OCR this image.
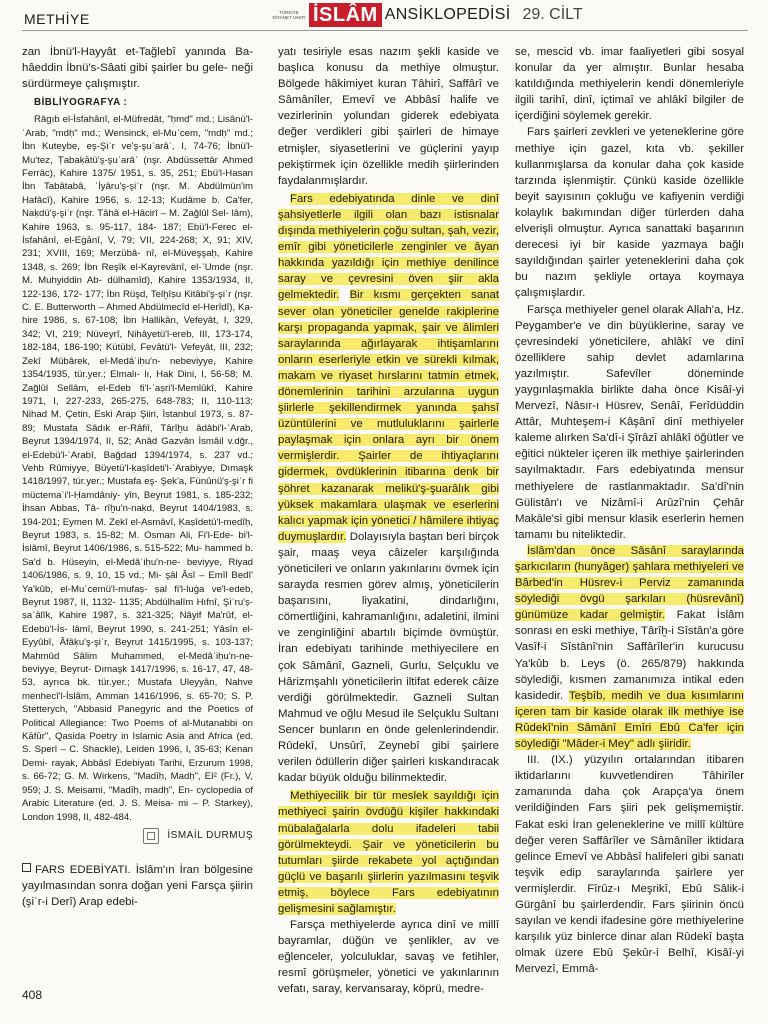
METHİYE	TÜRKİYE DİYANET VAKFI İSLÂM ANSİKLOPEDİSİ 29. CİLT

zan İbnü'l-Hayyât et-Tağlebî yanında Ba- hâeddin İbnü's-Sâati gibi şairler bu gele- neği sürdürmeye çalışmıştır.

BİBLİYOGRAFYA :

Râgıb el-İsfahânî, el-Müfredât, "ḥmd" md.; Lisânü'l-ʿArab, "mdḥ" md.; Wensinck, el-Muʿcem, "mdḥ" md.; İbn Kuteybe, eş-Şiʿr ve'ş-şuʿarâʾ, I, 74-76; İbnü'l-Mu'tez, Ṭabaḳātü'ş-şuʿarâʾ (nşr. Abdüssettâr Ahmed Ferrâc), Kahire 1375/ 1951, s. 35, 251; Ebü'l-Hasan İbn Tabâtabâ, ʿİyâru'ş-şiʿr (nşr. M. Abdülmün'im Hafâcî), Kahire 1956, s. 12-13; Kudâme b. Ca'fer, Naḳdü'ş-şiʿr (nşr. Tâhâ el-Hâcirî – M. Zağlûl Sel- lâm), Kahire 1963, s. 95-117, 184- 187; Ebü'l-Ferec el-İsfahânî, el-Eġānî, V, 79; VII, 224-268; X, 91; XIV, 231; XVIII, 169; Merzübâ- nî, el-Müveşşaḥ, Kahire 1348, s. 269; İbn Reşîk el-Kayrevânî, el-ʿUmde (nşr. M. Muhyiddin Ab- dülhamîd), Kahire 1353/1934, II, 122-136, 172- 177; İbn Rüşd, Telḫîṣu Kitâbi'ş-şiʿr (nşr. C. E. Butterworth – Ahmed Abdülmecîd el-Herîdî), Ka- hire 1986, s. 67-108; İbn Hallikân, Vefeyât, I, 329, 342; VI, 219; Nüveyrî, Nihâyetü'l-ereb, III, 173-174, 182-184, 186-190; Kütübî, Fevâtü'l- Vefeyât, III, 232; Zekî Mübârek, el-Medâʾiḥu'n- nebeviyye, Kahire 1354/1935, tür.yer.; Elmalı- lı, Hak Dini, I, 56-58; M. Zağlûl Sellâm, el-Edeb fi'l-ʿaṣri'l-Memlûkî, Kahire 1971, I, 227-233, 265-275, 648-783; II, 110-113; Nihad M. Çetin, Eski Arap Şiiri, İstanbul 1973, s. 87-89; Mustafa Sâdık er-Râfiî, Târîḫu âdâbi'l-ʿArab, Beyrut 1394/1974, II, 52; Anâd Gazvân İsmâil v.dğr., el-Edebü'l-ʿArabî, Bağdad 1394/1974, s. 237 vd.; Vehb Rûmiyye, Büyetü'l-ḳaṣîdeti'l-ʿArabiyye, Dımaşk 1418/1997, tür.yer.; Mustafa eş- Şek'a, Fünûnü'ş-şiʿr fi müctemaʿi'l-Ḥamdâniy- yîn, Beyrut 1981, s. 185-232; İhsan Abbas, Tâ- rîḫu'n-naḳd, Beyrut 1404/1983, s. 194-201; Eymen M. Zekî el-Asmâvî, Ḳaṣîdetü'l-medîḥ, Beyrut 1983, s. 15-82; M. Osman Ali, Fi'l-Ede- bi'l-İslâmî, Beyrut 1406/1986, s. 515-522; Mu- hammed b. Sa'd b. Hüseyin, el-Medâʾiḥu'n-ne- beviyye, Riyad 1406/1986, s. 9, 10, 15 vd.; Mi- şâl Âsî – Emîl Bedî' Ya'kûb, el-Muʿcemü'l-mufaṣ- ṣal fi'l-luġa ve'l-edeb, Beyrut 1987, II, 1132- 1135; Abdülhalîm Hıfnî, Şiʿru'ṣ-ṣaʿâlîk, Kahire 1987, s. 321-325; Nâyif Ma'rûf, el-Edebü'l-İs- lâmî, Beyrut 1990, s. 241-251; Yâsîn el-Eyyûbî, Âfâḳu'ş-şiʿr, Beyrut 1415/1995, s. 103-137; Mahmûd Sâlim Muhammed, el-Medâʾiḥu'n-ne- beviyye, Beyrut- Dımaşk 1417/1996, s. 16-17, 47, 48-53, ayrıca bk. tür.yer.; Mustafa Uleyyân, Nahve menhecî'l-İslâm, Amman 1416/1996, s. 65-70; S. P. Stetterych, "Abbasid Panegyric and the Poetics of Political Allegiance: Two Poems of al-Mutanabbi on Kāfūr", Qasida Poetry in Islamic Asia and Africa (ed. S. Sperl – C. Shackle), Leiden 1996, I, 35-63; Kenan Demi- rayak, Abbâsî Edebiyatı Tarihi, Erzurum 1998, s. 66-72; G. M. Wirkens, "Madīḥ, Madḥ", EI² (Fr.), V, 959; J. S. Meisami, "Madīḥ, madḥ", En- cyclopedia of Arabic Literature (ed. J. S. Meisa- mi – P. Starkey), London 1998, II, 482-484.

İSMAİL DURMUŞ

FARS EDEBİYATI. İslâm'ın İran bölgesine yayılmasından sonra doğan yeni Farsça şiirin (şiʿr-i Derî) Arap edebi-

yatı tesiriyle esas nazım şekli kaside ve başlıca konusu da methiye olmuştur. Bölgede hâkimiyet kuran Tâhirî, Saffârî ve Sâmânîler, Emevî ve Abbâsî halife ve vezirlerinin yolundan giderek edebiyata değer verdikleri gibi şairleri de himaye etmişler, siyasetlerini ve güçlerini yayıp pekiştirmek için özellikle medih şiirlerinden faydalanmışlardır.

Fars edebiyatında dinle ve dinî şahsiyetlerle ilgili olan bazı istisnalar dışında methiyelerin çoğu sultan, şah, vezir, emîr gibi yöneticilerle zenginler ve âyan hakkında yazıldığı için methiye denilince saray ve çevresini öven şiir akla gelmektedir. Bir kısmı gerçekten sanat sever olan yöneticiler genelde rakiplerine karşı propaganda yapmak, şair ve âlimleri saraylarında ağırlayarak ihtişamlarını onların eserleriyle etkin ve sürekli kılmak, makam ve riyaset hırslarını tatmin etmek, dönemlerinin tarihini arzularına uygun şiirlerle şekillendirmek yanında şahsî üzüntülerini ve mutluluklarını şairlerle paylaşmak için onlara ayrı bir önem vermişlerdir. Şairler de ihtiyaçlarını gidermek, övdüklerinin itibarına denk bir şöhret kazanarak melikü'ş-şuarâlık gibi yüksek makamlara ulaşmak ve eserlerini kalıcı yapmak için yönetici / hâmilere ihtiyaç duymuşlardır. Dolayısıyla baştan beri birçok şair, maaş veya câizeler karşılığında yöneticileri ve onların yakınlarını övmek için sarayda resmen görev almış, yöneticilerin başarısını, liyakatini, dindarlığını, cömertliğini, kahramanlığını, adaletini, ilmini ve zenginliğini abartılı biçimde övmüştür. İran edebiyatı tarihinde methiyecilere en çok Sâmânî, Gazneli, Gurlu, Selçuklu ve Hârizmşahlı yöneticilerin iltifat ederek câize verdiği görülmektedir. Gazneli Sultan Mahmud ve oğlu Mesud ile Selçuklu Sultanı Sencer bunların en önde gelenlerindendir. Rûdekî, Unsûrî, Zeynebî gibi şairlere verilen ödüllerin diğer şairleri kıskandıracak kadar büyük olduğu bilinmektedir.

Methiyecilik bir tür meslek sayıldığı için methiyeci şairin övdüğü kişiler hakkındaki mübalağalarla dolu ifadeleri tabii görülmekteydi. Şair ve yöneticilerin bu tutumları şiirde rekabete yol açtığından güçlü ve başarılı şiirlerin yazılmasını teşvik etmiş, böylece Fars edebiyatının gelişmesini sağlamıştır.

Farsça methiyelerde ayrıca dinî ve millî bayramlar, düğün ve şenlikler, av ve eğlenceler, yolculuklar, savaş ve fetihler, resmî görüşmeler, yönetici ve yakınlarının vefatı, saray, kervansaray, köprü, medre-

se, mescid vb. imar faaliyetleri gibi sosyal konular da yer almıştır. Bunlar hesaba katıldığında methiyelerin kendi dönemleriyle ilgili tarihî, dinî, içtimaî ve ahlâkî bilgiler de içerdiğini söylemek gerekir.

Fars şairleri zevkleri ve yeteneklerine göre methiye için gazel, kıta vb. şekiller kullanmışlarsa da konular daha çok kaside tarzında işlenmiştir. Çünkü kaside özellikle beyit sayısının çokluğu ve kafiyenin verdiği kolaylık bakımından diğer türlerden daha elverişli olmuştur. Ayrıca sanattaki başarının derecesi iyi bir kaside yazmaya bağlı sayıldığından şairler yeteneklerini daha çok bu nazım şekliyle ortaya koymaya çalışmışlardır.

Farsça methiyeler genel olarak Allah'a, Hz. Peygamber'e ve din büyüklerine, saray ve çevresindeki yöneticilere, ahlâkî ve dinî özelliklere sahip devlet adamlarına yazılmıştır. Safevîler döneminde yaygınlaşmakla birlikte daha önce Kisâî-yi Mervezî, Nâsır-ı Hüsrev, Senâî, Ferîdüddin Attâr, Muhteşem-i Kâşânî dinî methiyeler kaleme alırken Sa'dî-i Şîrâzî ahlâkî öğütler ve eğitici nükteler içeren ilk methiye şairlerinden sayılmaktadır. Fars edebiyatında mensur methiyelere de rastlanmaktadır. Sa'dî'nin Gülistân'ı ve Nizâmî-i Arûzî'nin Çehâr Maḳāle'si gibi mensur klasik eserlerin hemen tamamı bu niteliktedir.

İslâm'dan önce Sâsânî saraylarında şarkıcıların (hunyâger) şahlara methiyeleri ve Bârbed'in Hüsrev-i Perviz zamanında söylediği övgü şarkıları (hüsrevânî) günümüze kadar gelmiştir. Fakat İslâm sonrası en eski methiye, Târîḫ-i Sîstân'a göre Vasîf-i Sîstânî'nin Saffârîler'in kurucusu Ya'kûb b. Leys (ö. 265/879) hakkında söylediği, kısmen zamanımıza intikal eden kasidedir. Teşbîb, medih ve dua kısımlarını içeren tam bir kaside olarak ilk methiye ise Rûdekî'nin Sâmânî Emîri Ebû Ca'fer için söylediği "Mâder-i Mey" adlı şiiridir.

III. (IX.) yüzyılın ortalarından itibaren iktidarlarını kuvvetlendiren Tâhirîler zamanında daha çok Arapça'ya önem verildiğinden Fars şiiri pek gelişmemiştir. Fakat eski İran geleneklerine ve millî kültüre değer veren Saffârîler ve Sâmânîler iktidara gelince Emevî ve Abbâsî halifeleri gibi sanatı teşvik edip saraylarında şairlere yer vermişlerdir. Fîrûz-ı Meşrikî, Ebû Sâlik-i Gürgânî bu şairlerdendir. Fars şiirinin öncü sayılan ve kendi ifadesine göre methiyelerine karşılık yüz binlerce dinar alan Rûdekî başta olmak üzere Ebû Şekûr-i Belhî, Kisâî-yi Mervezî, Emmâ-

408
